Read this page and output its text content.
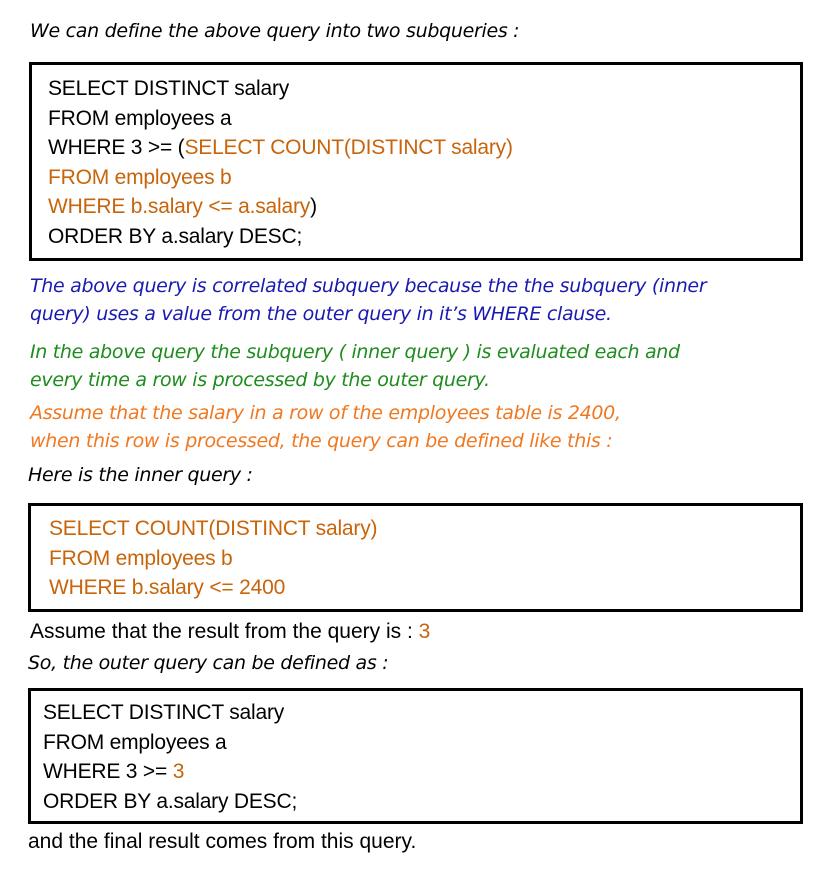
We can define the above query into two subqueries :
SELECT DISTINCT salary
FROM employees a
WHERE 3 >= (SELECT COUNT(DISTINCT salary)
FROM employees b
WHERE b.salary <= a.salary)
ORDER BY a.salary DESC;
The above query is correlated subquery because the the subquery (inner
query) uses a value from the outer query in it’s WHERE clause.
In the above query the subquery ( inner query ) is evaluated each and
every time a row is processed by the outer query.
Assume that the salary in a row of the employees table is 2400,
when this row is processed, the query can be defined like this :
Here is the inner query :
SELECT COUNT(DISTINCT salary)
FROM employees b
WHERE b.salary <= 2400
Assume that the result from the query is : 3
So, the outer query can be defined as :
SELECT DISTINCT salary
FROM employees a
WHERE 3 >= 3
ORDER BY a.salary DESC;
and the final result comes from this query.
